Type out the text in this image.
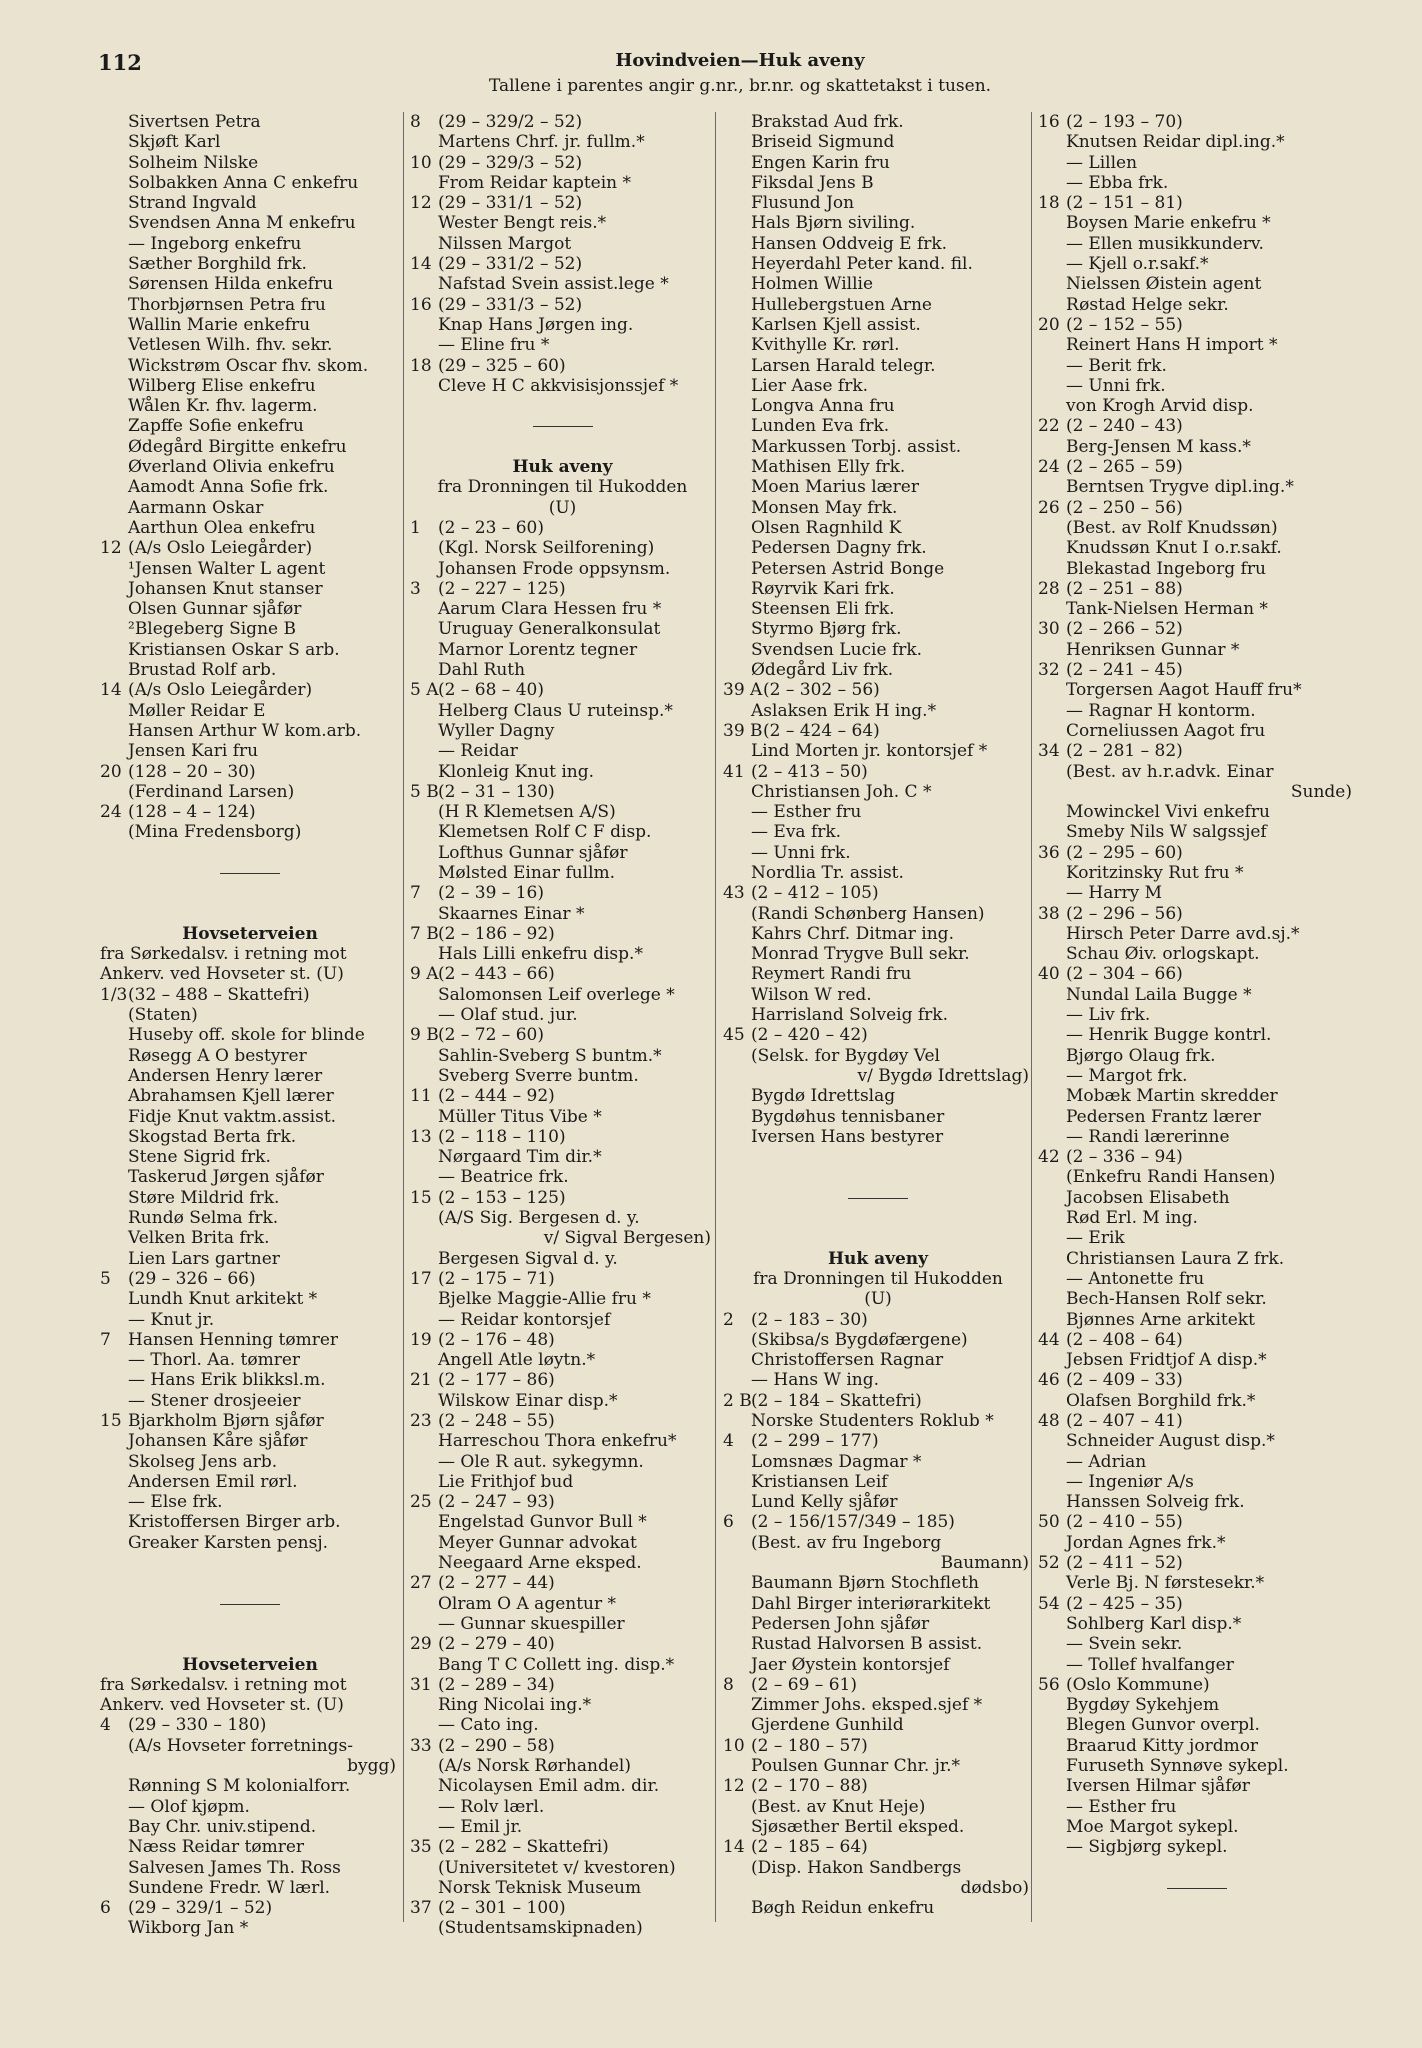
112	Hovindveien—Huk aveny
Tallene i parentes angir g.nr., br.nr. og skattetakst i tusen.
Sivertsen Petra
Skjøft Karl
Solheim Nilske
Solbakken Anna C enkefru
Strand Ingvald
Svendsen Anna M enkefru
— Ingeborg enkefru
Sæther Borghild frk.
Sørensen Hilda enkefru
Thorbjørnsen Petra fru
Wallin Marie enkefru
Vetlesen Wilh. fhv. sekr.
Wickstrøm Oscar fhv. skom.
Wilberg Elise enkefru
Wålen Kr. fhv. lagerm.
Zapffe Sofie enkefru
Ødegård Birgitte enkefru
Øverland Olivia enkefru
Aamodt Anna Sofie frk.
Aarmann Oskar
Aarthun Olea enkefru
12 (A/s Oslo Leiegårder)
¹Jensen Walter L agent
Johansen Knut stanser
Olsen Gunnar sjåfør
²Blegeberg Signe B
Kristiansen Oskar S arb.
Brustad Rolf arb.
14 (A/s Oslo Leiegårder)
Møller Reidar E
Hansen Arthur W kom.arb.
Jensen Kari fru
20 (128 – 20 – 30)
(Ferdinand Larsen)
24 (128 – 4 – 124)
(Mina Fredensborg)
Hovseterveien
fra Sørkedalsv. i retning mot
Ankerv. ved Hovseter st. (U)
1/3 (32 – 488 – Skattefri)
(Staten)
Huseby off. skole for blinde
Røsegg A O bestyrer
Andersen Henry lærer
Abrahamsen Kjell lærer
Fidje Knut vaktm.assist.
Skogstad Berta frk.
Stene Sigrid frk.
Taskerud Jørgen sjåfør
Støre Mildrid frk.
Rundø Selma frk.
Velken Brita frk.
Lien Lars gartner
5 (29 – 326 – 66)
Lundh Knut arkitekt *
— Knut jr.
7 Hansen Henning tømrer
— Thorl. Aa. tømrer
— Hans Erik blikksl.m.
— Stener drosjeeier
15 Bjarkholm Bjørn sjåfør
Johansen Kåre sjåfør
Skolseg Jens arb.
Andersen Emil rørl.
— Else frk.
Kristoffersen Birger arb.
Greaker Karsten pensj.
Hovseterveien
fra Sørkedalsv. i retning mot
Ankerv. ved Hovseter st. (U)
4 (29 – 330 – 180)
(A/s Hovseter forretnings-
bygg)
Rønning S M kolonialforr.
— Olof kjøpm.
Bay Chr. univ.stipend.
Næss Reidar tømrer
Salvesen James Th. Ross
Sundene Fredr. W lærl.
6 (29 – 329/1 – 52)
Wikborg Jan *
8 (29 – 329/2 – 52)
Martens Chrf. jr. fullm.*
10 (29 – 329/3 – 52)
From Reidar kaptein *
12 (29 – 331/1 – 52)
Wester Bengt reis.*
Nilssen Margot
14 (29 – 331/2 – 52)
Nafstad Svein assist.lege *
16 (29 – 331/3 – 52)
Knap Hans Jørgen ing.
— Eline fru *
18 (29 – 325 – 60)
Cleve H C akkvisisjonssjef *
Huk aveny
fra Dronningen til Hukodden
(U)
1 (2 – 23 – 60)
(Kgl. Norsk Seilforening)
Johansen Frode oppsynsm.
3 (2 – 227 – 125)
Aarum Clara Hessen fru *
Uruguay Generalkonsulat
Marnor Lorentz tegner
Dahl Ruth
5 A (2 – 68 – 40)
Helberg Claus U ruteinsp.*
Wyller Dagny
— Reidar
Klonleig Knut ing.
5 B (2 – 31 – 130)
(H R Klemetsen A/S)
Klemetsen Rolf C F disp.
Lofthus Gunnar sjåfør
Mølsted Einar fullm.
7 (2 – 39 – 16)
Skaarnes Einar *
7 B (2 – 186 – 92)
Hals Lilli enkefru disp.*
9 A (2 – 443 – 66)
Salomonsen Leif overlege *
— Olaf stud. jur.
9 B (2 – 72 – 60)
Sahlin-Sveberg S buntm.*
Sveberg Sverre buntm.
11 (2 – 444 – 92)
Müller Titus Vibe *
13 (2 – 118 – 110)
Nørgaard Tim dir.*
— Beatrice frk.
15 (2 – 153 – 125)
(A/S Sig. Bergesen d. y.
v/ Sigval Bergesen)
Bergesen Sigval d. y.
17 (2 – 175 – 71)
Bjelke Maggie-Allie fru *
— Reidar kontorsjef
19 (2 – 176 – 48)
Angell Atle løytn.*
21 (2 – 177 – 86)
Wilskow Einar disp.*
23 (2 – 248 – 55)
Harreschou Thora enkefru*
— Ole R aut. sykegymn.
Lie Frithjof bud
25 (2 – 247 – 93)
Engelstad Gunvor Bull *
Meyer Gunnar advokat
Neegaard Arne eksped.
27 (2 – 277 – 44)
Olram O A agentur *
— Gunnar skuespiller
29 (2 – 279 – 40)
Bang T C Collett ing. disp.*
31 (2 – 289 – 34)
Ring Nicolai ing.*
— Cato ing.
33 (2 – 290 – 58)
(A/s Norsk Rørhandel)
Nicolaysen Emil adm. dir.
— Rolv lærl.
— Emil jr.
35 (2 – 282 – Skattefri)
(Universitetet v/ kvestoren)
Norsk Teknisk Museum
37 (2 – 301 – 100)
(Studentsamskipnaden)
Brakstad Aud frk.
Briseid Sigmund
Engen Karin fru
Fiksdal Jens B
Flusund Jon
Hals Bjørn siviling.
Hansen Oddveig E frk.
Heyerdahl Peter kand. fil.
Holmen Willie
Hullebergstuen Arne
Karlsen Kjell assist.
Kvithylle Kr. rørl.
Larsen Harald telegr.
Lier Aase frk.
Longva Anna fru
Lunden Eva frk.
Markussen Torbj. assist.
Mathisen Elly frk.
Moen Marius lærer
Monsen May frk.
Olsen Ragnhild K
Pedersen Dagny frk.
Petersen Astrid Bonge
Røyrvik Kari frk.
Steensen Eli frk.
Styrmo Bjørg frk.
Svendsen Lucie frk.
Ødegård Liv frk.
39 A (2 – 302 – 56)
Aslaksen Erik H ing.*
39 B (2 – 424 – 64)
Lind Morten jr. kontorsjef *
41 (2 – 413 – 50)
Christiansen Joh. C *
— Esther fru
— Eva frk.
— Unni frk.
Nordlia Tr. assist.
43 (2 – 412 – 105)
(Randi Schønberg Hansen)
Kahrs Chrf. Ditmar ing.
Monrad Trygve Bull sekr.
Reymert Randi fru
Wilson W red.
Harrisland Solveig frk.
45 (2 – 420 – 42)
(Selsk. for Bygdøy Vel
v/ Bygdø Idrettslag)
Bygdø Idrettslag
Bygdøhus tennisbaner
Iversen Hans bestyrer
Huk aveny
fra Dronningen til Hukodden
(U)
2 (2 – 183 – 30)
(Skibsa/s Bygdøfærgene)
Christoffersen Ragnar
— Hans W ing.
2 B (2 – 184 – Skattefri)
Norske Studenters Roklub *
4 (2 – 299 – 177)
Lomsnæs Dagmar *
Kristiansen Leif
Lund Kelly sjåfør
6 (2 – 156/157/349 – 185)
(Best. av fru Ingeborg
Baumann)
Baumann Bjørn Stochfleth
Dahl Birger interiørarkitekt
Pedersen John sjåfør
Rustad Halvorsen B assist.
Jaer Øystein kontorsjef
8 (2 – 69 – 61)
Zimmer Johs. eksped.sjef *
Gjerdene Gunhild
10 (2 – 180 – 57)
Poulsen Gunnar Chr. jr.*
12 (2 – 170 – 88)
(Best. av Knut Heje)
Sjøsæther Bertil eksped.
14 (2 – 185 – 64)
(Disp. Hakon Sandbergs
dødsbo)
Bøgh Reidun enkefru
16 (2 – 193 – 70)
Knutsen Reidar dipl.ing.*
— Lillen
— Ebba frk.
18 (2 – 151 – 81)
Boysen Marie enkefru *
— Ellen musikkunderv.
— Kjell o.r.sakf.*
Nielssen Øistein agent
Røstad Helge sekr.
20 (2 – 152 – 55)
Reinert Hans H import *
— Berit frk.
— Unni frk.
von Krogh Arvid disp.
22 (2 – 240 – 43)
Berg-Jensen M kass.*
24 (2 – 265 – 59)
Berntsen Trygve dipl.ing.*
26 (2 – 250 – 56)
(Best. av Rolf Knudssøn)
Knudssøn Knut I o.r.sakf.
Blekastad Ingeborg fru
28 (2 – 251 – 88)
Tank-Nielsen Herman *
30 (2 – 266 – 52)
Henriksen Gunnar *
32 (2 – 241 – 45)
Torgersen Aagot Hauff fru*
— Ragnar H kontorm.
Corneliussen Aagot fru
34 (2 – 281 – 82)
(Best. av h.r.advk. Einar
Sunde)
Mowinckel Vivi enkefru
Smeby Nils W salgssjef
36 (2 – 295 – 60)
Koritzinsky Rut fru *
— Harry M
38 (2 – 296 – 56)
Hirsch Peter Darre avd.sj.*
Schau Øiv. orlogskapt.
40 (2 – 304 – 66)
Nundal Laila Bugge *
— Liv frk.
— Henrik Bugge kontrl.
Bjørgo Olaug frk.
— Margot frk.
Mobæk Martin skredder
Pedersen Frantz lærer
— Randi lærerinne
42 (2 – 336 – 94)
(Enkefru Randi Hansen)
Jacobsen Elisabeth
Rød Erl. M ing.
— Erik
Christiansen Laura Z frk.
— Antonette fru
Bech-Hansen Rolf sekr.
Bjønnes Arne arkitekt
44 (2 – 408 – 64)
Jebsen Fridtjof A disp.*
46 (2 – 409 – 33)
Olafsen Borghild frk.*
48 (2 – 407 – 41)
Schneider August disp.*
— Adrian
— Ingeniør A/s
Hanssen Solveig frk.
50 (2 – 410 – 55)
Jordan Agnes frk.*
52 (2 – 411 – 52)
Verle Bj. N førstesekr.*
54 (2 – 425 – 35)
Sohlberg Karl disp.*
— Svein sekr.
— Tollef hvalfanger
56 (Oslo Kommune)
Bygdøy Sykehjem
Blegen Gunvor overpl.
Braarud Kitty jordmor
Furuseth Synnøve sykepl.
Iversen Hilmar sjåfør
— Esther fru
Moe Margot sykepl.
— Sigbjørg sykepl.
